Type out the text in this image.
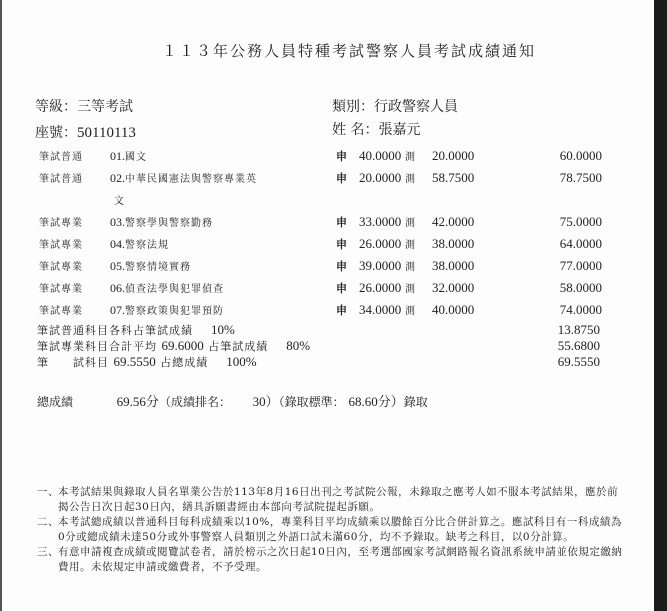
１１３年公務人員特種考試警察人員考試成績通知
等級：三等考試	類別：行政警察人員
座號：50110113	姓 名：張嘉元
筆試普通 01.國文	申 40.0000 測 20.0000	60.0000
筆試普通 02.中華民國憲法與警察專業英	申 20.0000 測 58.7500	78.7500
文
筆試專業 03.警察學與警察勤務	申 33.0000 測 42.0000	75.0000
筆試專業 04.警察法規	申 26.0000 測 38.0000	64.0000
筆試專業 05.警察情境實務	申 39.0000 測 38.0000	77.0000
筆試專業 06.偵查法學與犯罪偵查	申 26.0000 測 32.0000	58.0000
筆試專業 07.警察政策與犯罪預防	申 34.0000 測 40.0000	74.0000
筆試普通科目各科占筆試成績 10%	13.8750
筆試專業科目合計平均 69.6000 占筆試成績 80%	55.6800
筆　　試科目 69.5550 占總成績 100%	69.5550
總成績	69.56分（成績排名： 30）（錄取標準： 68.60分）錄取
一、 本考試結果與錄取人員名單業公告於113年8月16日出刊之考試院公報，未錄取之應考人如不服本考試結果，應於前揭公告日次日起30日內，繕具訴願書經由本部向考試院提起訴願。
二、 本考試總成績以普通科目每科成績乘以10%，專業科目平均成績乘以賸餘百分比合併計算之。應試科目有一科成績為0分或總成績未達50分或外事警察人員類別之外語口試未滿60分，均不予錄取。缺考之科目，以0分計算。
三、 有意申請複查成績或閱覽試卷者，請於榜示之次日起10日內，至考選部國家考試網路報名資訊系統申請並依規定繳納費用。未依規定申請或繳費者，不予受理。
